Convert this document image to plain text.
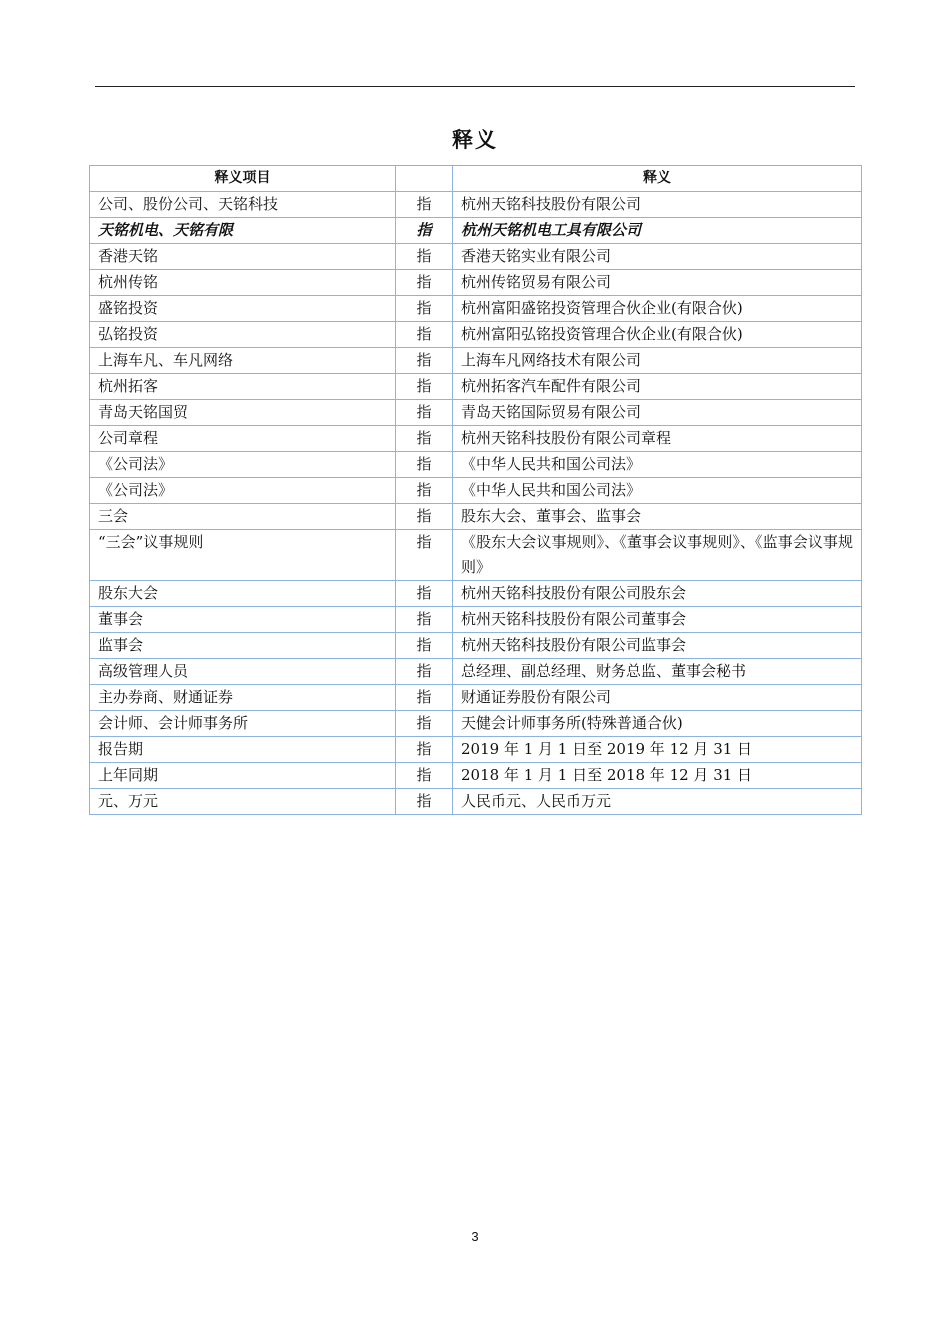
释义
释义项目		释义
公司、股份公司、天铭科技	指	杭州天铭科技股份有限公司
天铭机电、天铭有限	指	杭州天铭机电工具有限公司
香港天铭	指	香港天铭实业有限公司
杭州传铭	指	杭州传铭贸易有限公司
盛铭投资	指	杭州富阳盛铭投资管理合伙企业(有限合伙)
弘铭投资	指	杭州富阳弘铭投资管理合伙企业(有限合伙)
上海车凡、车凡网络	指	上海车凡网络技术有限公司
杭州拓客	指	杭州拓客汽车配件有限公司
青岛天铭国贸	指	青岛天铭国际贸易有限公司
公司章程	指	杭州天铭科技股份有限公司章程
《公司法》	指	《中华人民共和国公司法》
《公司法》	指	《中华人民共和国公司法》
三会	指	股东大会、董事会、监事会
“三会”议事规则	指	《股东大会议事规则》、《董事会议事规则》、《监事会议事规则》
股东大会	指	杭州天铭科技股份有限公司股东会
董事会	指	杭州天铭科技股份有限公司董事会
监事会	指	杭州天铭科技股份有限公司监事会
高级管理人员	指	总经理、副总经理、财务总监、董事会秘书
主办券商、财通证券	指	财通证券股份有限公司
会计师、会计师事务所	指	天健会计师事务所(特殊普通合伙)
报告期	指	2019 年 1 月 1 日至 2019 年 12 月 31 日
上年同期	指	2018 年 1 月 1 日至 2018 年 12 月 31 日
元、万元	指	人民币元、人民币万元
3
